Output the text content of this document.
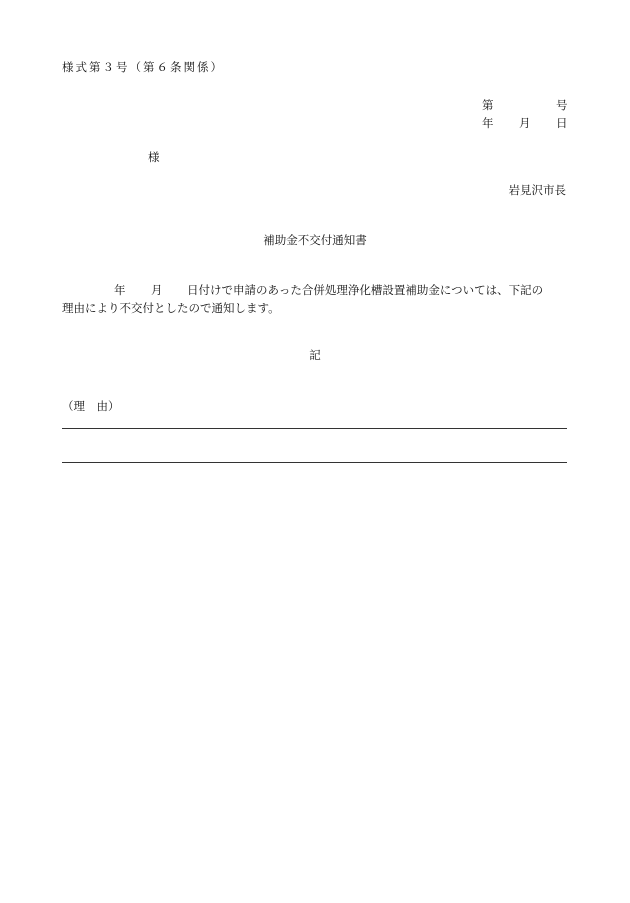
様式第３号（第６条関係）
第	号
年 月 日
様
岩見沢市長
補助金不交付通知書
年 月 日付けで申請のあった合併処理浄化槽設置補助金については、下記の
理由により不交付としたので通知します。
記
（理　由）
